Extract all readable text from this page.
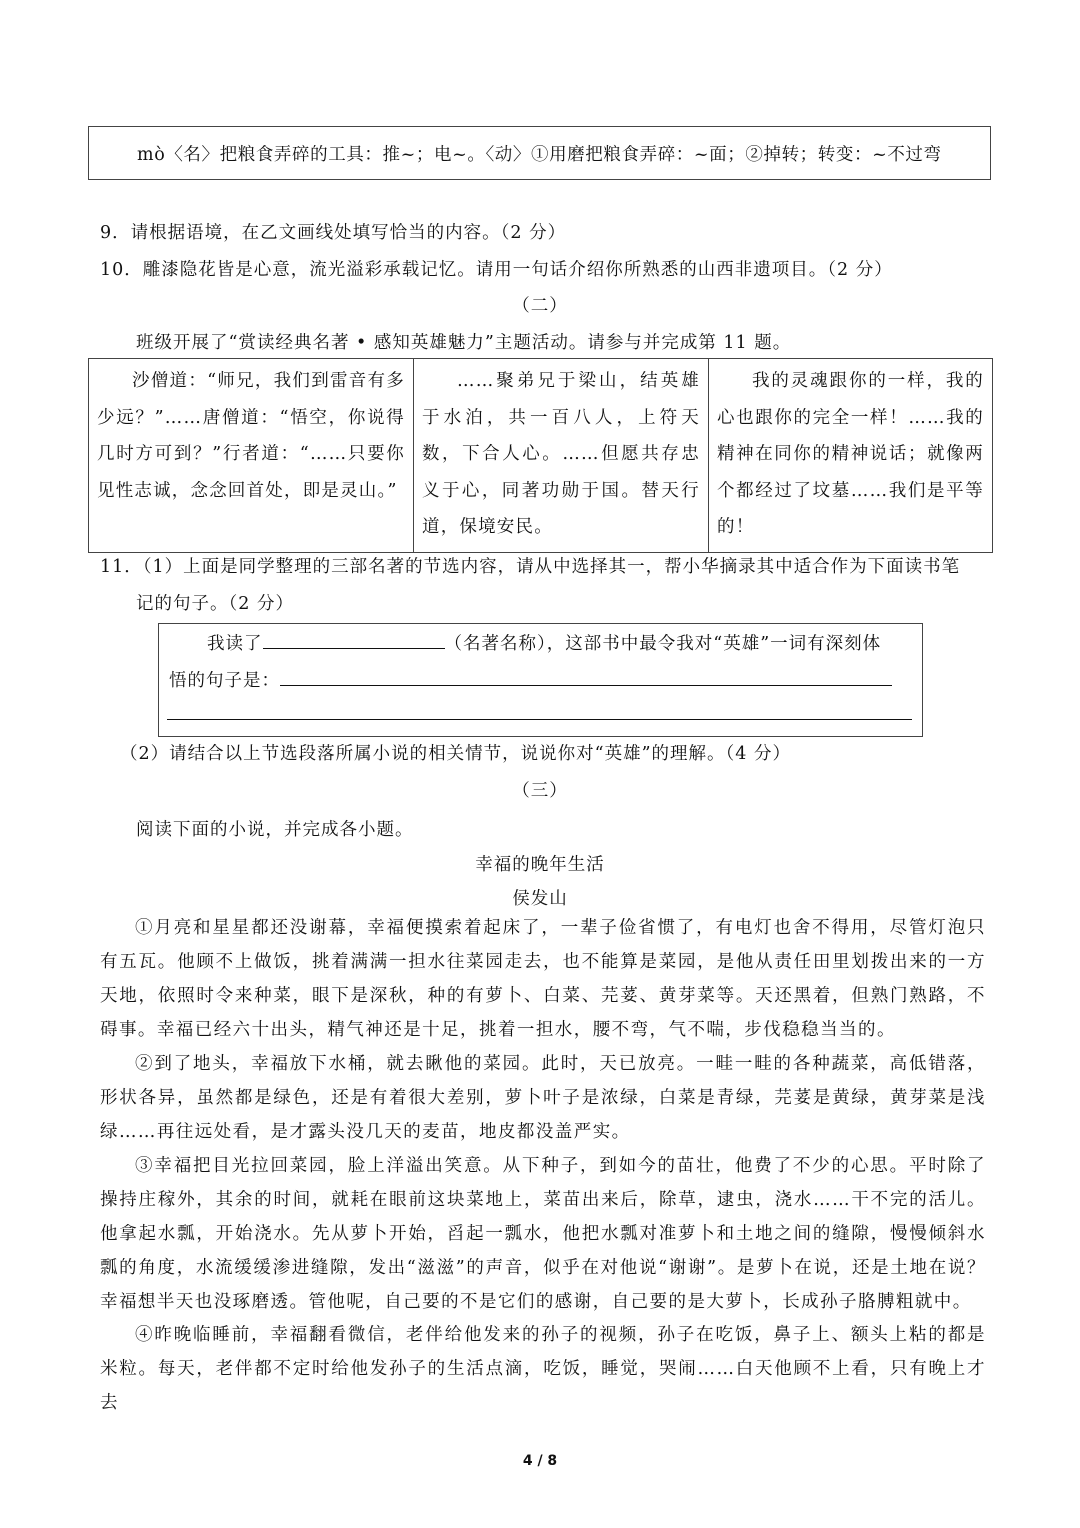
mò〈名〉把粮食弄碎的工具：推~；电~。〈动〉①用磨把粮食弄碎：~面；②掉转；转变：~不过弯
9．请根据语境，在乙文画线处填写恰当的内容。（2 分）
10．雕漆隐花皆是心意，流光溢彩承载记忆。请用一句话介绍你所熟悉的山西非遗项目。（2 分）
（二）
班级开展了“赏读经典名著 • 感知英雄魅力”主题活动。请参与并完成第 11 题。
沙僧道：“师兄，我们到雷音有多少远？”……唐僧道：“悟空，你说得几时方可到？”行者道：“……只要你见性志诚，念念回首处，即是灵山。”	……聚弟兄于梁山，结英雄于水泊，共一百八人，上符天数，下合人心。……但愿共存忠义于心，同著功勋于国。替天行道，保境安民。	我的灵魂跟你的一样，我的心也跟你的完全一样！……我的精神在同你的精神说话；就像两个都经过了坟墓……我们是平等的！
11．（1）上面是同学整理的三部名著的节选内容，请从中选择其一，帮小华摘录其中适合作为下面读书笔
记的句子。（2 分）
我读了	（名著名称），这部书中最令我对“英雄”一词有深刻体
悟的句子是：
（2）请结合以上节选段落所属小说的相关情节，说说你对“英雄”的理解。（4 分）
（三）
阅读下面的小说，并完成各小题。
幸福的晚年生活
侯发山

①月亮和星星都还没谢幕，幸福便摸索着起床了，一辈子俭省惯了，有电灯也舍不得用，尽管灯泡只有五瓦。他顾不上做饭，挑着满满一担水往菜园走去，也不能算是菜园，是他从责任田里划拨出来的一方天地，依照时令来种菜，眼下是深秋，种的有萝卜、白菜、芫荽、黄芽菜等。天还黑着，但熟门熟路，不碍事。幸福已经六十出头，精气神还是十足，挑着一担水，腰不弯，气不喘，步伐稳稳当当的。

②到了地头，幸福放下水桶，就去瞅他的菜园。此时，天已放亮。一畦一畦的各种蔬菜，高低错落，形状各异，虽然都是绿色，还是有着很大差别，萝卜叶子是浓绿，白菜是青绿，芫荽是黄绿，黄芽菜是浅绿……再往远处看，是才露头没几天的麦苗，地皮都没盖严实。

③幸福把目光拉回菜园，脸上洋溢出笑意。从下种子，到如今的苗壮，他费了不少的心思。平时除了操持庄稼外，其余的时间，就耗在眼前这块菜地上，菜苗出来后，除草，逮虫，浇水……干不完的活儿。他拿起水瓢，开始浇水。先从萝卜开始，舀起一瓢水，他把水瓢对准萝卜和土地之间的缝隙，慢慢倾斜水瓢的角度，水流缓缓渗进缝隙，发出“滋滋”的声音，似乎在对他说“谢谢”。是萝卜在说，还是土地在说？幸福想半天也没琢磨透。管他呢，自己要的不是它们的感谢，自己要的是大萝卜，长成孙子胳膊粗就中。

④昨晚临睡前，幸福翻看微信，老伴给他发来的孙子的视频，孙子在吃饭，鼻子上、额头上粘的都是米粒。每天，老伴都不定时给他发孙子的生活点滴，吃饭，睡觉，哭闹……白天他顾不上看，只有晚上才去

4 / 8
